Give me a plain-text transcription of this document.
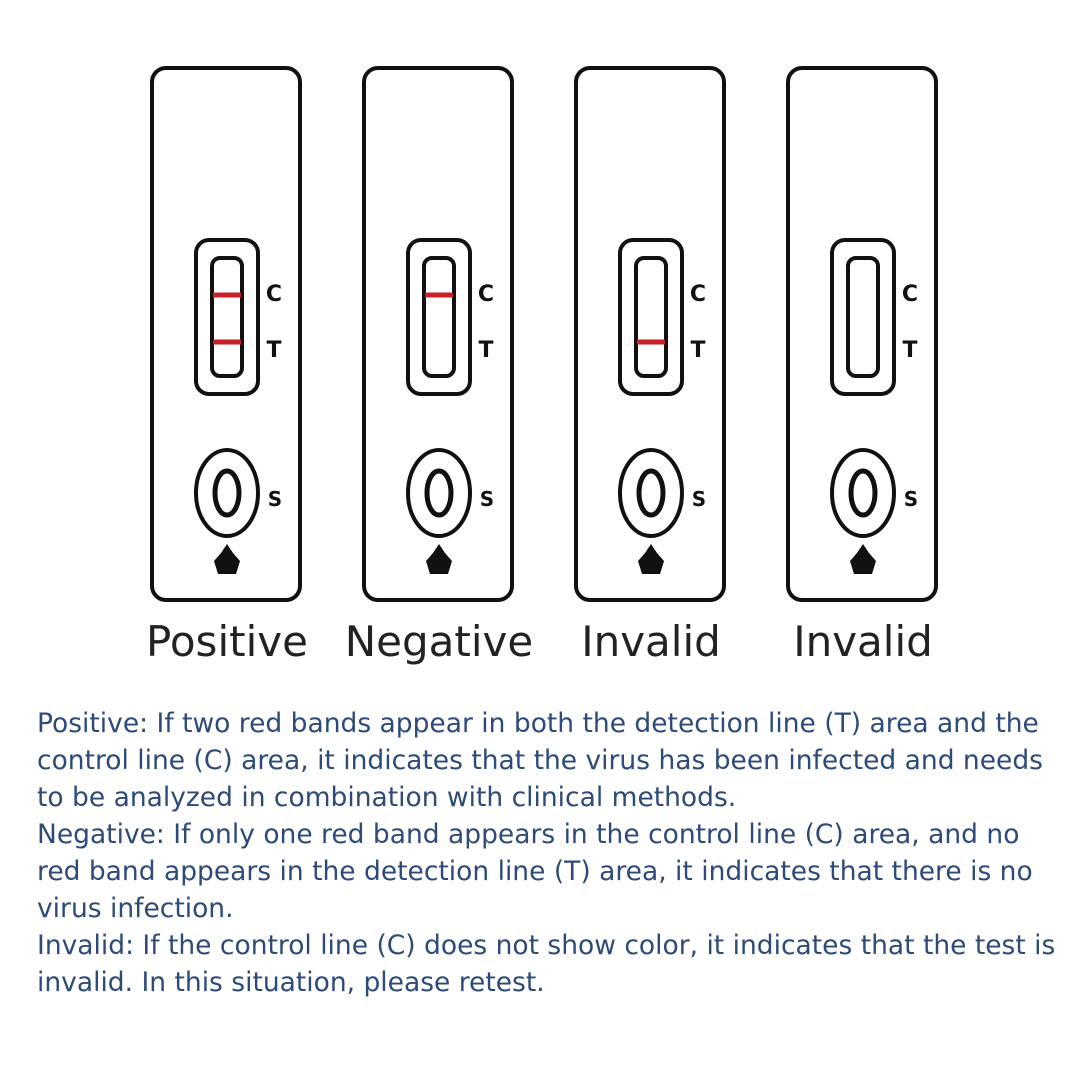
C
T
S
C
T
S
C
T
S
C
T
S
Positive Negative	Invalid	Invalid

Positive: If two red bands appear in both the detection line (T) area and the control line (C) area, it indicates that the virus has been infected and needs to be analyzed in combination with clinical methods.

Negative: If only one red band appears in the control line (C) area, and no red band appears in the detection line (T) area, it indicates that there is no virus infection.

Invalid: If the control line (C) does not show color, it indicates that the test is invalid. In this situation, please retest.
